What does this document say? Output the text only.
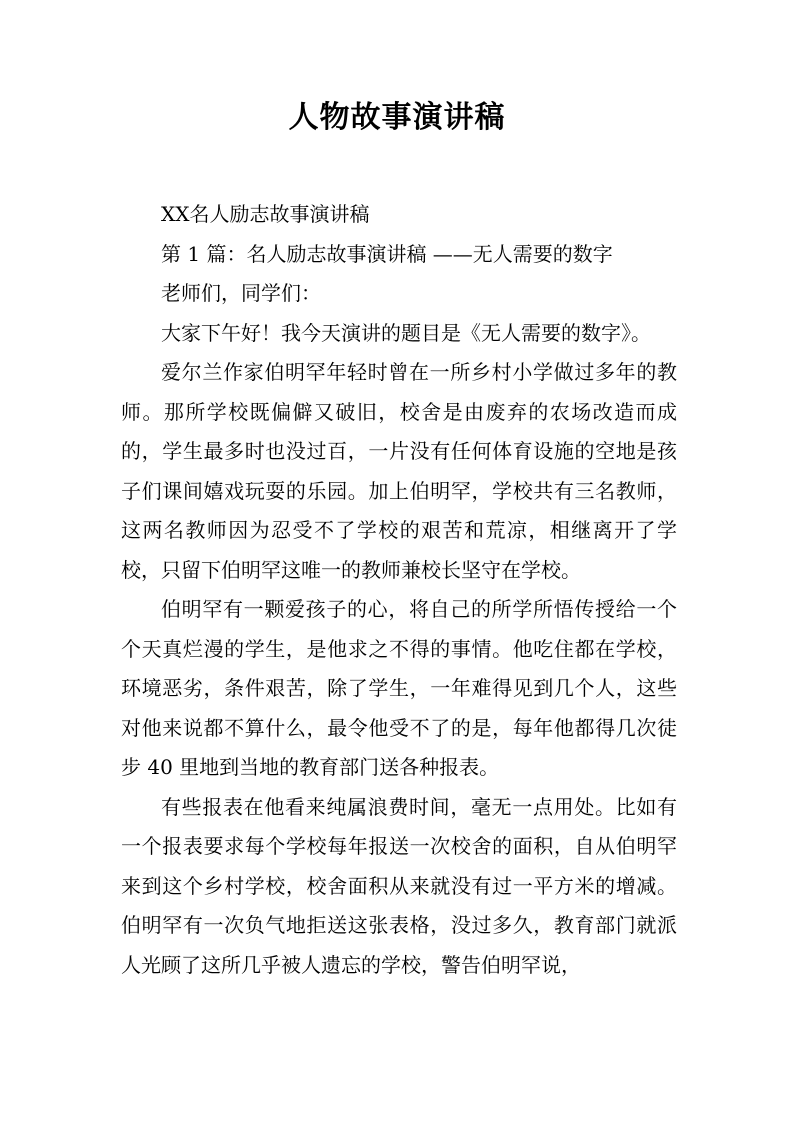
人物故事演讲稿

XX名人励志故事演讲稿

第 1 篇：名人励志故事演讲稿 ——无人需要的数字

老师们，同学们：

大家下午好！我今天演讲的题目是《无人需要的数字》。

爱尔兰作家伯明罕年轻时曾在一所乡村小学做过多年的教师。那所学校既偏僻又破旧，校舍是由废弃的农场改造而成的，学生最多时也没过百，一片没有任何体育设施的空地是孩子们课间嬉戏玩耍的乐园。加上伯明罕，学校共有三名教师，这两名教师因为忍受不了学校的艰苦和荒凉，相继离开了学校，只留下伯明罕这唯一的教师兼校长坚守在学校。

伯明罕有一颗爱孩子的心，将自己的所学所悟传授给一个个天真烂漫的学生，是他求之不得的事情。他吃住都在学校，环境恶劣，条件艰苦，除了学生，一年难得见到几个人，这些对他来说都不算什么，最令他受不了的是，每年他都得几次徒步 40 里地到当地的教育部门送各种报表。

有些报表在他看来纯属浪费时间，毫无一点用处。比如有一个报表要求每个学校每年报送一次校舍的面积，自从伯明罕来到这个乡村学校，校舍面积从来就没有过一平方米的增减。伯明罕有一次负气地拒送这张表格，没过多久，教育部门就派人光顾了这所几乎被人遗忘的学校，警告伯明罕说，
